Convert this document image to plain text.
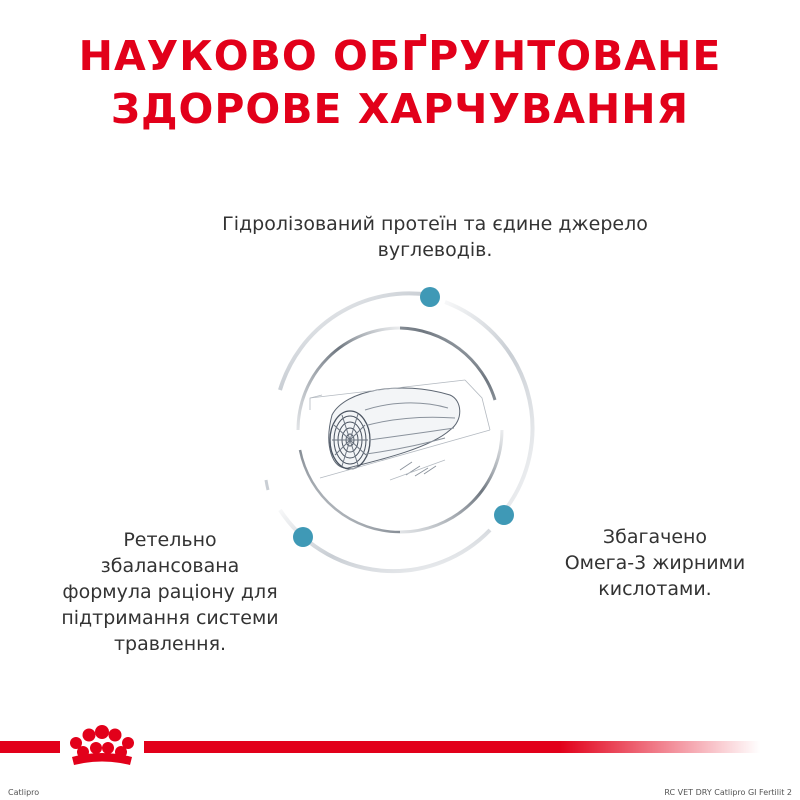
НАУКОВО ОБҐРУНТОВАНЕ
ЗДОРОВЕ ХАРЧУВАННЯ

Гідролізований протеїн та єдине джерело
вуглеводів.

Ретельно
збалансована
формула раціону для
підтримання системи
травлення.

Збагачено
Омега-3 жирними
кислотами.

Catlipro	RC VET DRY Catlipro GI Fertilit 2
